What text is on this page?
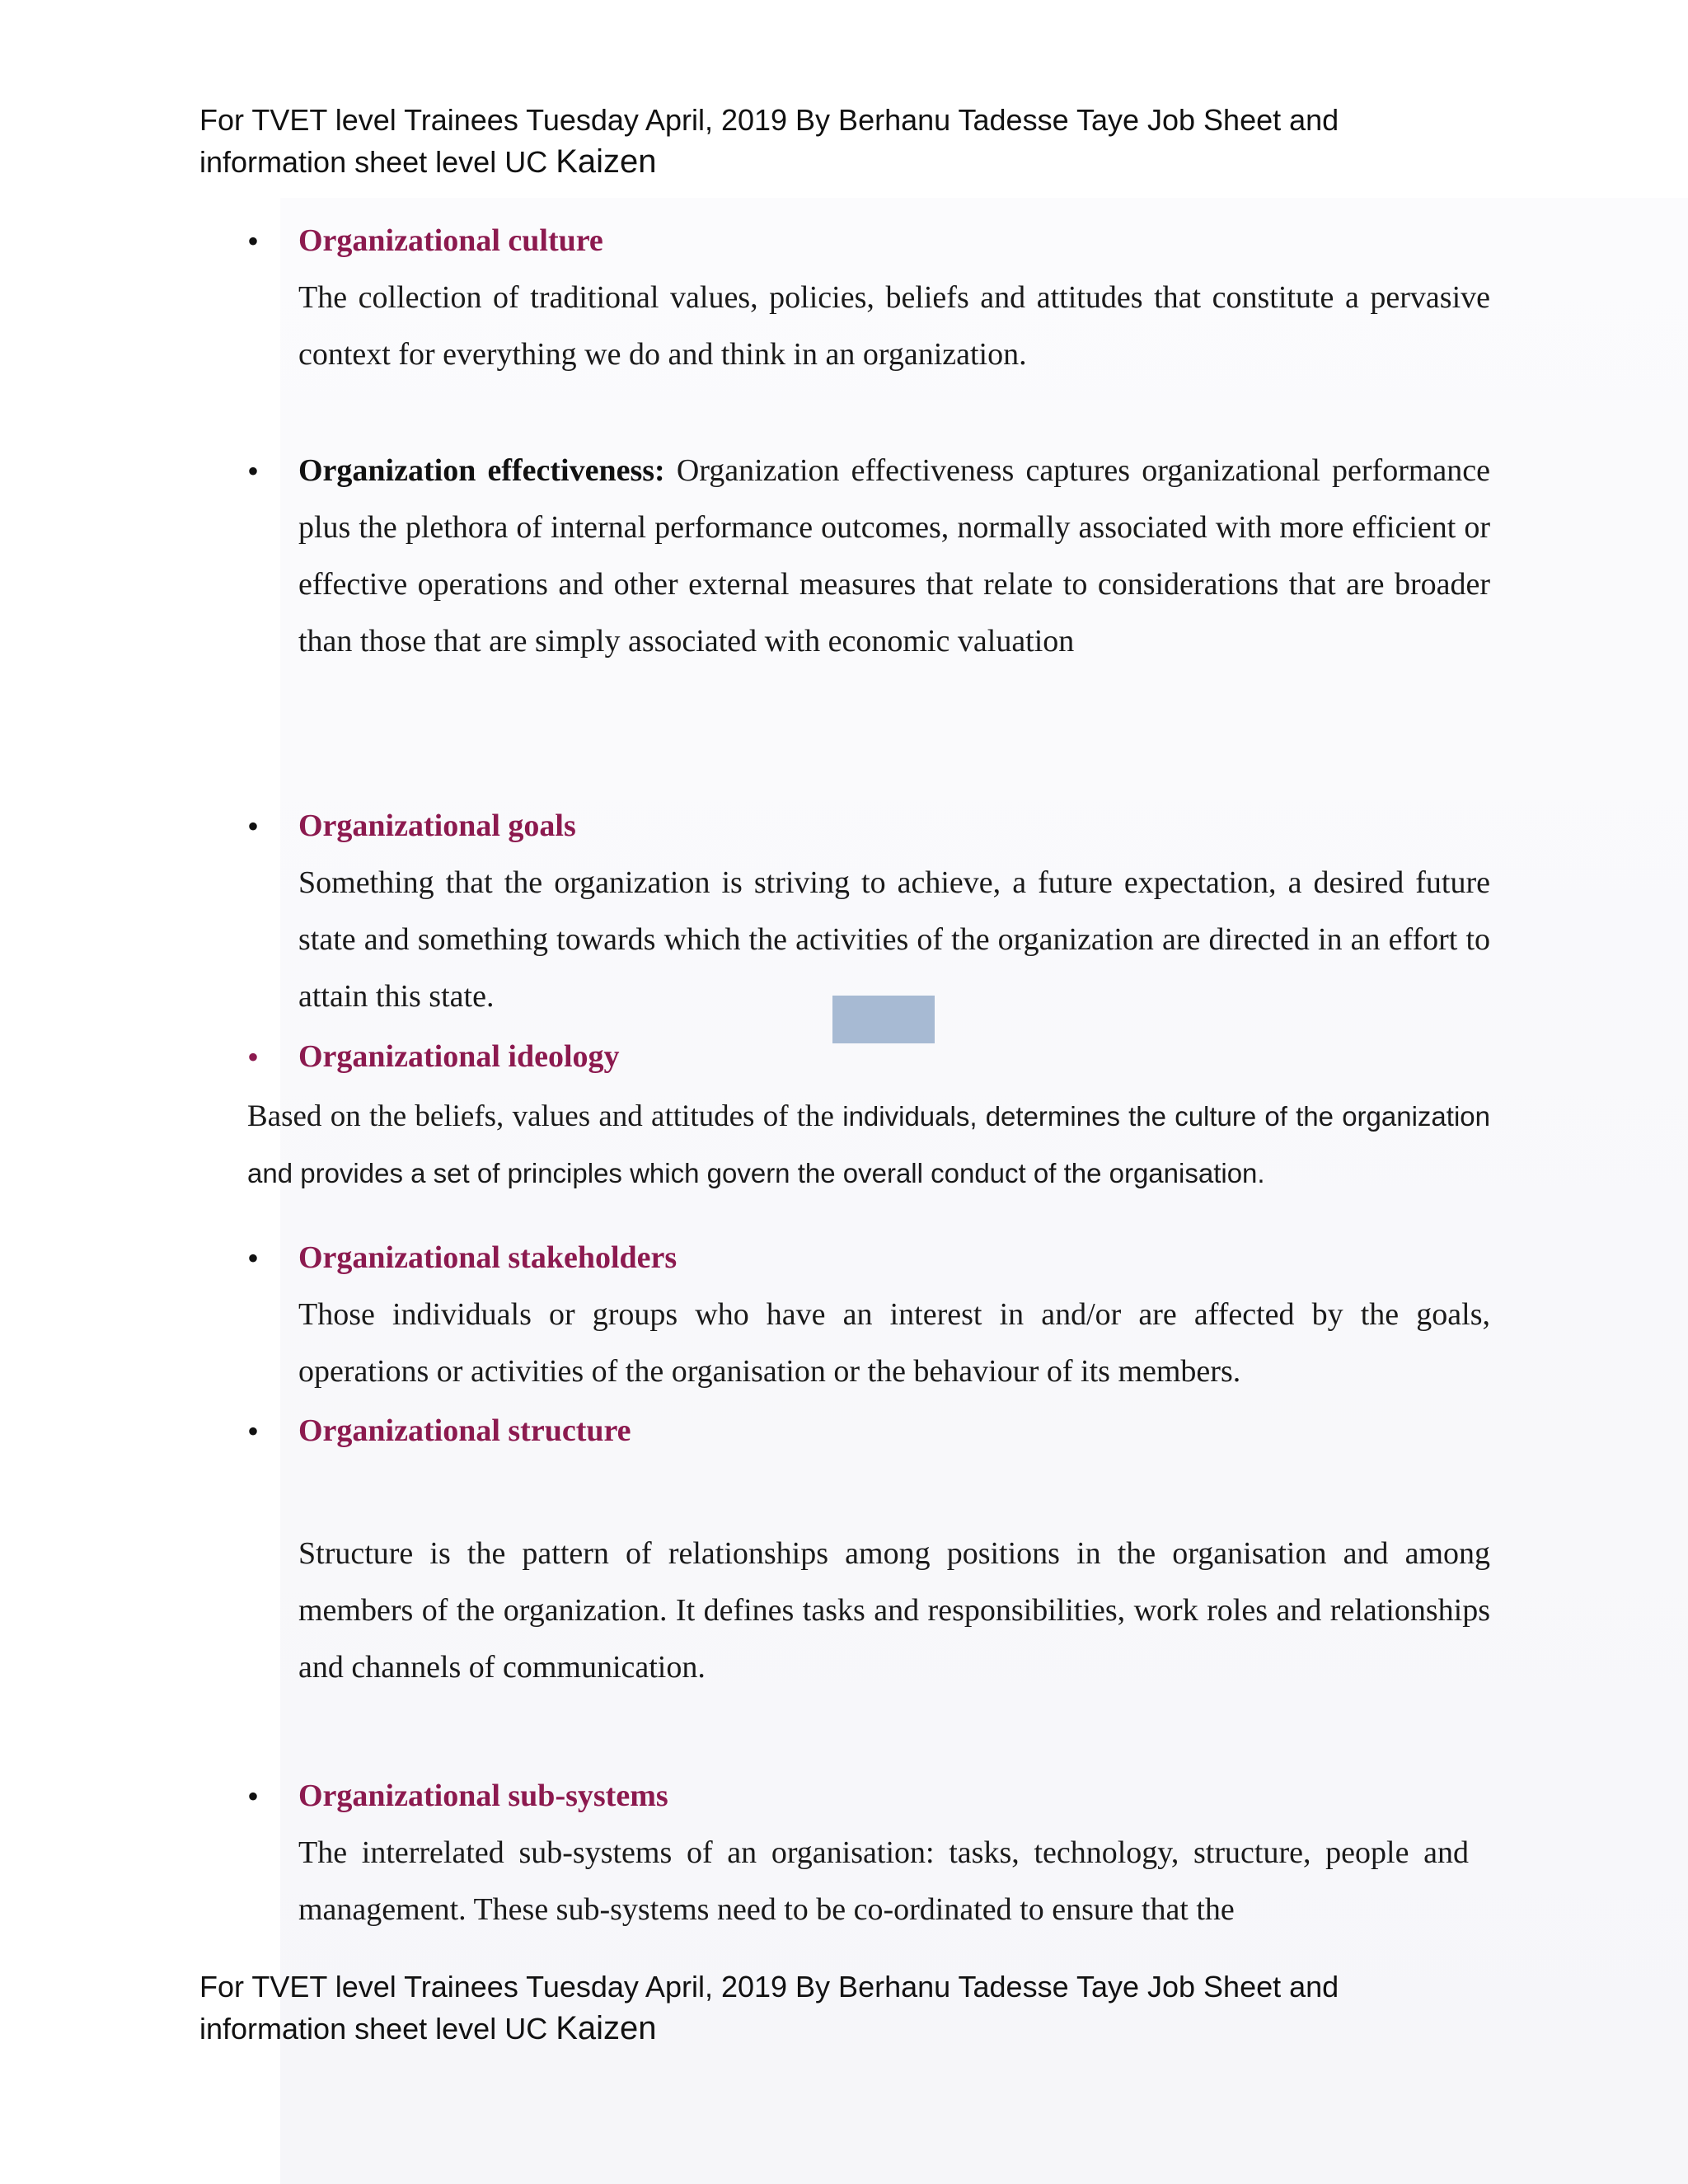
For TVET level Trainees Tuesday April, 2019 By Berhanu Tadesse Taye Job Sheet and
information sheet level UC Kaizen
•	Organizational culture
The collection of traditional values, policies, beliefs and attitudes that constitute a pervasive context for everything we do and think in an organization.
•	Organization effectiveness: Organization effectiveness captures organizational performance plus the plethora of internal performance outcomes, normally associated with more efficient or effective operations and other external measures that relate to considerations that are broader than those that are simply associated with economic valuation
•	Organizational goals
Something that the organization is striving to achieve, a future expectation, a desired future state and something towards which the activities of the organization are directed in an effort to attain this state.
•	Organizational ideology
Based on the beliefs, values and attitudes of the individuals, determines the culture of the organization and provides a set of principles which govern the overall conduct of the organisation.
•	Organizational stakeholders
Those individuals or groups who have an interest in and/or are affected by the goals, operations or activities of the organisation or the behaviour of its members.
•	Organizational structure
Structure is the pattern of relationships among positions in the organisation and among members of the organization. It defines tasks and responsibilities, work roles and relationships and channels of communication.
•	Organizational sub-systems
The interrelated sub-systems of an organisation: tasks, technology, structure, people and management. These sub-systems need to be co-ordinated to ensure that the
For TVET level Trainees Tuesday April, 2019 By Berhanu Tadesse Taye Job Sheet and
information sheet level UC Kaizen
